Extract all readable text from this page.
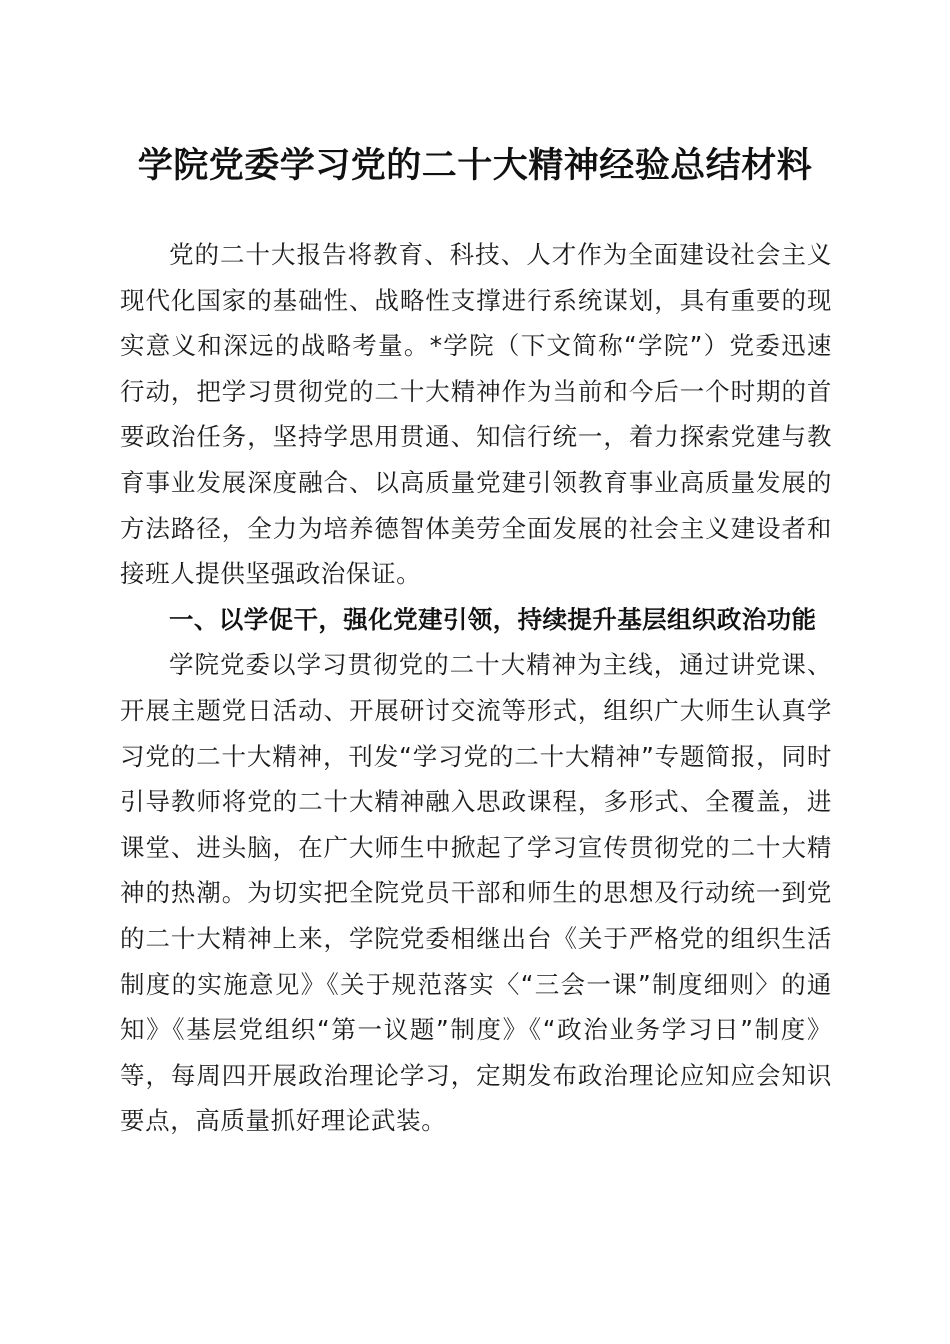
学院党委学习党的二十大精神经验总结材料

党的二十大报告将教育、科技、人才作为全面建设社会主义现代化国家的基础性、战略性支撑进行系统谋划，具有重要的现实意义和深远的战略考量。*学院（下文简称“学院”）党委迅速行动，把学习贯彻党的二十大精神作为当前和今后一个时期的首要政治任务，坚持学思用贯通、知信行统一，着力探索党建与教育事业发展深度融合、以高质量党建引领教育事业高质量发展的方法路径，全力为培养德智体美劳全面发展的社会主义建设者和接班人提供坚强政治保证。

一、以学促干，强化党建引领，持续提升基层组织政治功能

学院党委以学习贯彻党的二十大精神为主线，通过讲党课、开展主题党日活动、开展研讨交流等形式，组织广大师生认真学习党的二十大精神，刊发“学习党的二十大精神”专题简报，同时引导教师将党的二十大精神融入思政课程，多形式、全覆盖，进课堂、进头脑，在广大师生中掀起了学习宣传贯彻党的二十大精神的热潮。为切实把全院党员干部和师生的思想及行动统一到党的二十大精神上来，学院党委相继出台《关于严格党的组织生活制度的实施意见》《关于规范落实〈“三会一课”制度细则〉的通知》《基层党组织“第一议题”制度》《“政治业务学习日”制度》等，每周四开展政治理论学习，定期发布政治理论应知应会知识要点，高质量抓好理论武装。
